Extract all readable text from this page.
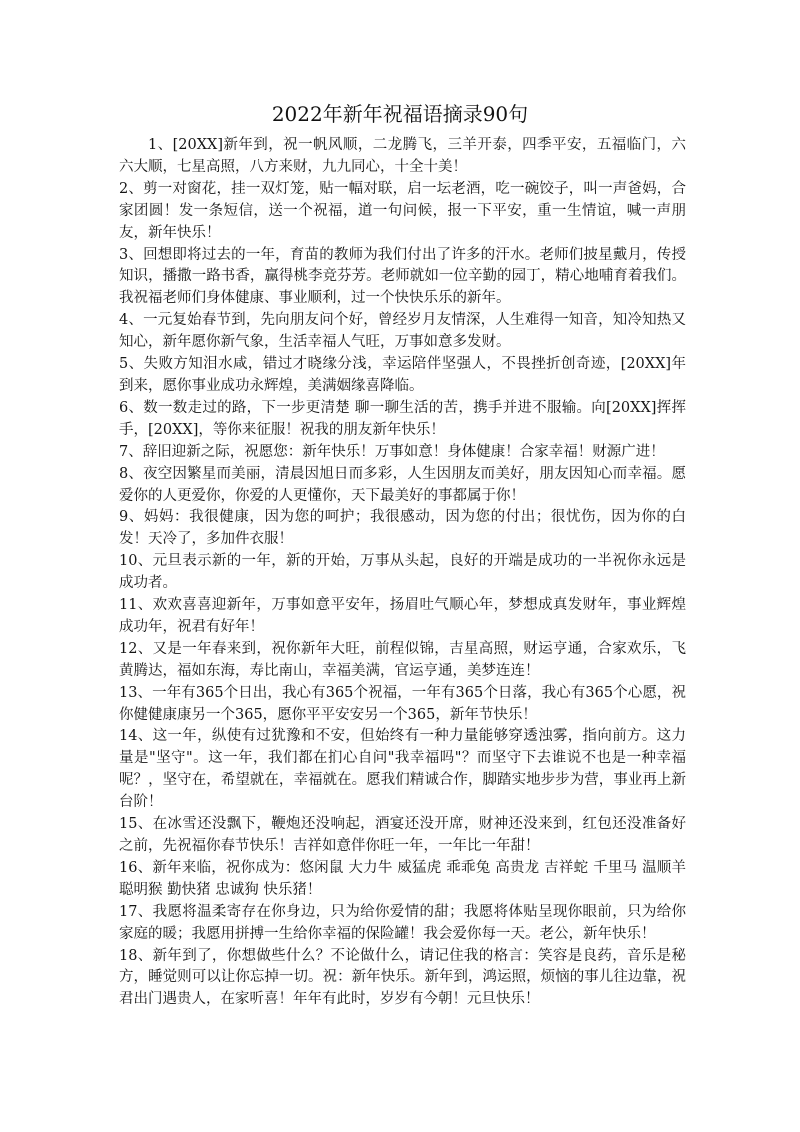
2022年新年祝福语摘录90句

1、[20XX]新年到，祝一帆风顺，二龙腾飞，三羊开泰，四季平安，五福临门，六六大顺，七星高照，八方来财，九九同心，十全十美！

2、剪一对窗花，挂一双灯笼，贴一幅对联，启一坛老酒，吃一碗饺子，叫一声爸妈，合家团圆！发一条短信，送一个祝福，道一句问候，报一下平安，重一生情谊，喊一声朋友，新年快乐！

3、回想即将过去的一年，育苗的教师为我们付出了许多的汗水。老师们披星戴月，传授知识，播撒一路书香，赢得桃李竞芬芳。老师就如一位辛勤的园丁，精心地哺育着我们。我祝福老师们身体健康、事业顺利，过一个快快乐乐的新年。

4、一元复始春节到，先向朋友问个好，曾经岁月友情深，人生难得一知音，知冷知热又知心，新年愿你新气象，生活幸福人气旺，万事如意多发财。

5、失败方知泪水咸，错过才晓缘分浅，幸运陪伴坚强人，不畏挫折创奇迹，[20XX]年到来，愿你事业成功永辉煌，美满姻缘喜降临。

6、数一数走过的路，下一步更清楚 聊一聊生活的苦，携手并进不服输。向[20XX]挥挥手，[20XX]，等你来征服！祝我的朋友新年快乐！

7、辞旧迎新之际，祝愿您：新年快乐！万事如意！身体健康！合家幸福！财源广进！

8、夜空因繁星而美丽，清晨因旭日而多彩，人生因朋友而美好，朋友因知心而幸福。愿爱你的人更爱你，你爱的人更懂你，天下最美好的事都属于你！

9、妈妈：我很健康，因为您的呵护；我很感动，因为您的付出；很忧伤，因为你的白发！天冷了，多加件衣服！

10、元旦表示新的一年，新的开始，万事从头起，良好的开端是成功的一半祝你永远是成功者。

11、欢欢喜喜迎新年，万事如意平安年，扬眉吐气顺心年，梦想成真发财年，事业辉煌成功年，祝君有好年！

12、又是一年春来到，祝你新年大旺，前程似锦，吉星高照，财运亨通，合家欢乐，飞黄腾达，福如东海，寿比南山，幸福美满，官运亨通，美梦连连！

13、一年有365个日出，我心有365个祝福，一年有365个日落，我心有365个心愿，祝你健健康康另一个365，愿你平平安安另一个365，新年节快乐！

14、这一年，纵使有过犹豫和不安，但始终有一种力量能够穿透浊雾，指向前方。这力量是"坚守"。这一年，我们都在扪心自问"我幸福吗"？而坚守下去谁说不也是一种幸福呢？，坚守在，希望就在，幸福就在。愿我们精诚合作，脚踏实地步步为营，事业再上新台阶！

15、在冰雪还没飘下，鞭炮还没响起，酒宴还没开席，财神还没来到，红包还没准备好之前，先祝福你春节快乐！吉祥如意伴你旺一年，一年比一年甜！

16、新年来临，祝你成为：悠闲鼠 大力牛 威猛虎 乖乖兔 高贵龙 吉祥蛇 千里马 温顺羊 聪明猴 勤快猪 忠诚狗 快乐猪！

17、我愿将温柔寄存在你身边，只为给你爱情的甜；我愿将体贴呈现你眼前，只为给你家庭的暖；我愿用拼搏一生给你幸福的保险罐！我会爱你每一天。老公，新年快乐！

18、新年到了，你想做些什么？不论做什么，请记住我的格言：笑容是良药，音乐是秘方，睡觉则可以让你忘掉一切。祝：新年快乐。新年到，鸿运照，烦恼的事儿往边靠，祝君出门遇贵人，在家听喜！年年有此时，岁岁有今朝！元旦快乐！
